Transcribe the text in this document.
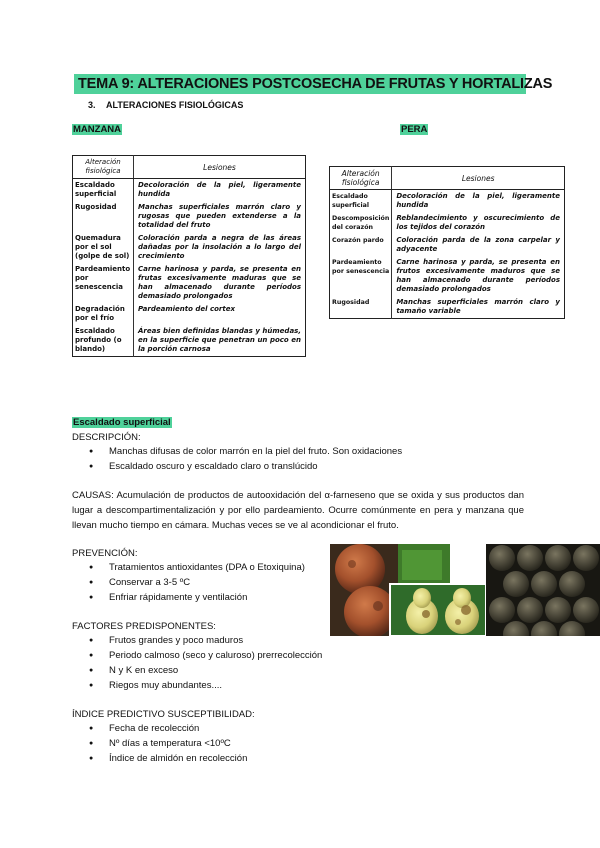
TEMA 9: ALTERACIONES POSTCOSECHA DE FRUTAS Y HORTALIZAS
3. ALTERACIONES FISIOLÓGICAS
MANZANA	PERA
Alteración fisiológica	Lesiones
Escaldado superficial	Decoloración de la piel, ligeramente hundida
Rugosidad	Manchas superficiales marrón claro y rugosas que pueden extenderse a la totalidad del fruto
Quemadura por el sol (golpe de sol)	Coloración parda a negra de las áreas dañadas por la insolación a lo largo del crecimiento
Pardeamiento por senescencia	Carne harinosa y parda, se presenta en frutas excesivamente maduras que se han almacenado durante períodos demasiado prolongados
Degradación por el frío	Pardeamiento del cortex
Escaldado profundo (o blando)	Áreas bien definidas blandas y húmedas, en la superficie que penetran un poco en la porción carnosa
Alteración fisiológica	Lesiones
Escaldado superficial	Decoloración de la piel, ligeramente hundida
Descomposición del corazón	Reblandecimiento y oscurecimiento de los tejidos del corazón
Corazón pardo	Coloración parda de la zona carpelar y adyacente
Pardeamiento por senescencia	Carne harinosa y parda, se presenta en frutos excesivamente maduros que se han almacenado durante períodos demasiado prolongados
Rugosidad	Manchas superficiales marrón claro y tamaño variable
Escaldado superficial
DESCRIPCIÓN:
● Manchas difusas de color marrón en la piel del fruto. Son oxidaciones
● Escaldado oscuro y escaldado claro o translúcido
CAUSAS: Acumulación de productos de autooxidación del α-farneseno que se oxida y sus productos dan lugar a descompartimentalización y por ello pardeamiento. Ocurre comúnmente en pera y manzana que llevan mucho tiempo en cámara. Muchas veces se ve al acondicionar el fruto.
PREVENCIÓN:
● Tratamientos antioxidantes (DPA o Etoxiquina)
● Conservar a 3-5 ºC
● Enfriar rápidamente y ventilación
FACTORES PREDISPONENTES:
● Frutos grandes y poco maduros
● Periodo calmoso (seco y caluroso) prerrecolección
● N y K en exceso
● Riegos muy abundantes....
ÍNDICE PREDICTIVO SUSCEPTIBILIDAD:
● Fecha de recolección
● Nº días a temperatura <10ºC
● Índice de almidón en recolección
